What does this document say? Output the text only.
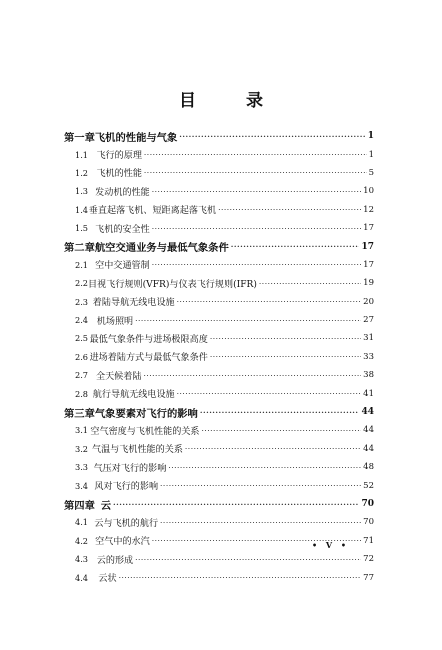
目 录
第一章 飞机的性能与气象 ·····	1
1.1 飞行的原理 ·····	1
1.2 飞机的性能 ·····	5
1.3 发动机的性能 ·····	10
1.4 垂直起落飞机、短距离起落飞机 ·····	12
1.5 飞机的安全性 ·····	17
第二章 航空交通业务与最低气象条件 ·····	17
2.1 空中交通管制 ·····	17
2.2 目视飞行规则(VFR)与仪表飞行规则(IFR) ·····	19
2.3 着陆导航无线电设施 ·····	20
2.4 机场照明 ·····	27
2.5 最低气象条件与进场极限高度 ·····	31
2.6 进场着陆方式与最低气象条件 ·····	33
2.7 全天候着陆 ·····	38
2.8 航行导航无线电设施 ·····	41
第三章 气象要素对飞行的影响 ·····	44
3.1 空气密度与飞机性能的关系 ·····	44
3.2 气温与飞机性能的关系 ·····	44
3.3 气压对飞行的影响 ·····	48
3.4 风对飞行的影响 ·····	52
第四章 云 ·····	70
4.1 云与飞机的航行 ·····	70
4.2 空气中的水汽 ·····	71
4.3 云的形成 ·····	72
4.4	云状 ·····	77
• V •
